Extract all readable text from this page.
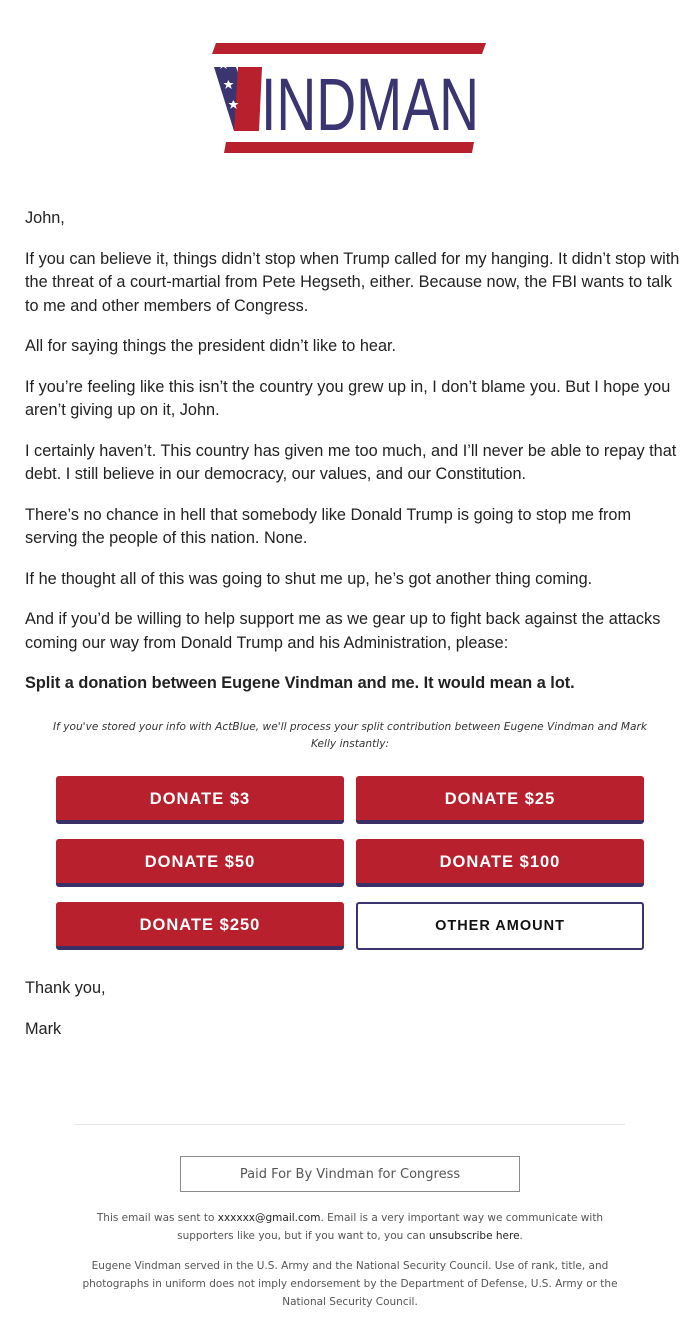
INDMAN

John,

If you can believe it, things didn’t stop when Trump called for my hanging. It didn’t stop with the threat of a court-martial from Pete Hegseth, either. Because now, the FBI wants to talk to me and other members of Congress.

All for saying things the president didn’t like to hear.

If you’re feeling like this isn’t the country you grew up in, I don’t blame you. But I hope you aren’t giving up on it, John.

I certainly haven’t. This country has given me too much, and I’ll never be able to repay that debt. I still believe in our democracy, our values, and our Constitution.

There’s no chance in hell that somebody like Donald Trump is going to stop me from serving the people of this nation. None.

If he thought all of this was going to shut me up, he’s got another thing coming.

And if you’d be willing to help support me as we gear up to fight back against the attacks coming our way from Donald Trump and his Administration, please:

Split a donation between Eugene Vindman and me. It would mean a lot.

If you've stored your info with ActBlue, we'll process your split contribution between Eugene Vindman and Mark Kelly instantly:
DONATE $3	DONATE $25
DONATE $50	DONATE $100
DONATE $250	OTHER AMOUNT

Thank you,

Mark

Paid For By Vindman for Congress
This email was sent to xxxxxx@gmail.com. Email is a very important way we communicate with supporters like you, but if you want to, you can unsubscribe here.
Eugene Vindman served in the U.S. Army and the National Security Council. Use of rank, title, and photographs in uniform does not imply endorsement by the Department of Defense, U.S. Army or the National Security Council.
